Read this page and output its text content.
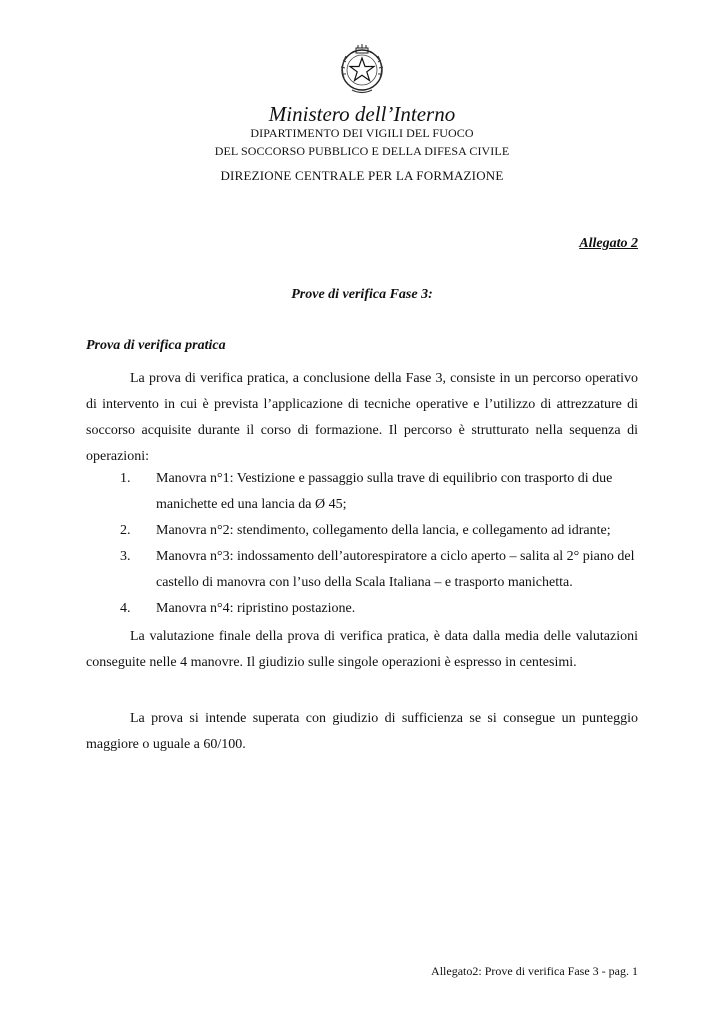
Ministero dell’Interno
DIPARTIMENTO DEI VIGILI DEL FUOCO
DEL SOCCORSO PUBBLICO E DELLA DIFESA CIVILE
DIREZIONE CENTRALE PER LA FORMAZIONE
Allegato 2
Prove di verifica Fase 3:
Prova di verifica pratica

La prova di verifica pratica, a conclusione della Fase 3, consiste in un percorso operativo di intervento in cui è prevista l’applicazione di tecniche operative e l’utilizzo di attrezzature di soccorso acquisite durante il corso di formazione. Il percorso è strutturato nella sequenza di operazioni:

1.	Manovra n°1: Vestizione e passaggio sulla trave di equilibrio con trasporto di due manichette ed una lancia da Ø 45;
2.	Manovra n°2: stendimento, collegamento della lancia, e collegamento ad idrante;
3.	Manovra n°3: indossamento dell’autorespiratore a ciclo aperto – salita al 2° piano del castello di manovra con l’uso della Scala Italiana – e trasporto manichetta.
4.	Manovra n°4: ripristino postazione.

La valutazione finale della prova di verifica pratica, è data dalla media delle valutazioni conseguite nelle 4 manovre. Il giudizio sulle singole operazioni è espresso in centesimi.

La prova si intende superata con giudizio di sufficienza se si consegue un punteggio maggiore o uguale a 60/100.

Allegato2: Prove di verifica Fase 3 - pag. 1
